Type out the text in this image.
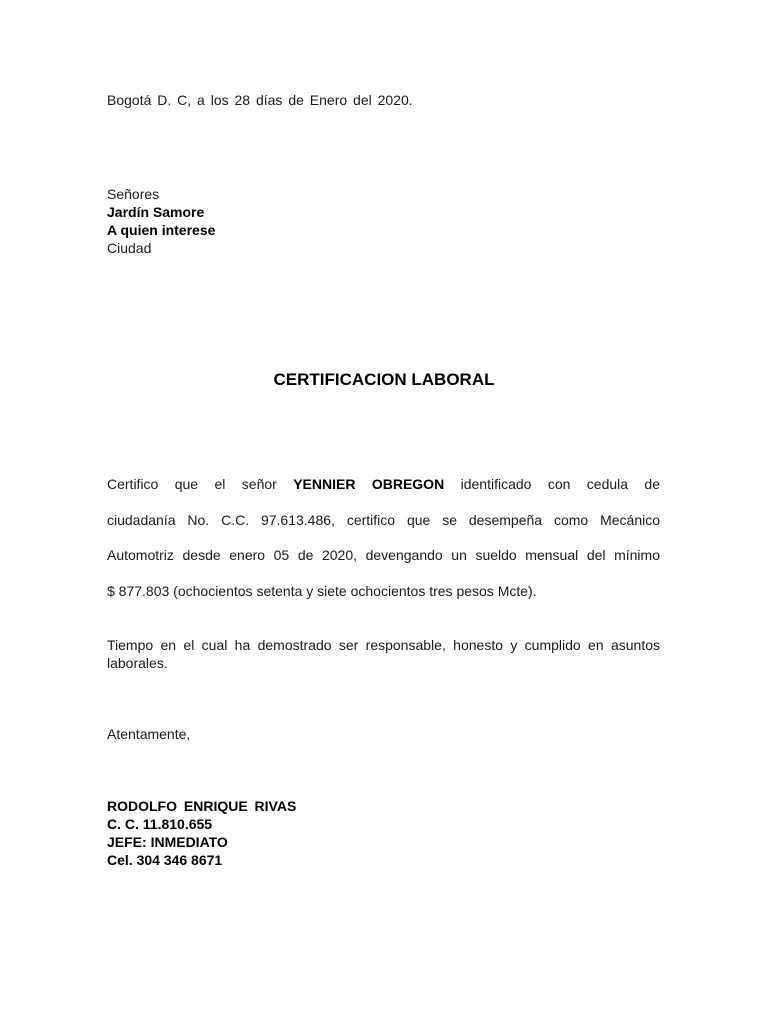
Bogotá D. C, a los 28 días de Enero del 2020.
Señores
Jardín Samore
A quien interese
Ciudad
CERTIFICACION LABORAL
Certifico que el señor YENNIER OBREGON identificado con cedula de
ciudadanía No. C.C. 97.613.486, certifico que se desempeña como Mecánico
Automotriz desde enero 05 de 2020, devengando un sueldo mensual del mínimo
$ 877.803 (ochocientos setenta y siete ochocientos tres pesos Mcte).
Tiempo en el cual ha demostrado ser responsable, honesto y cumplido en asuntos
laborales.
Atentamente,
RODOLFO ENRIQUE RIVAS
C. C. 11.810.655
JEFE: INMEDIATO
Cel. 304 346 8671
